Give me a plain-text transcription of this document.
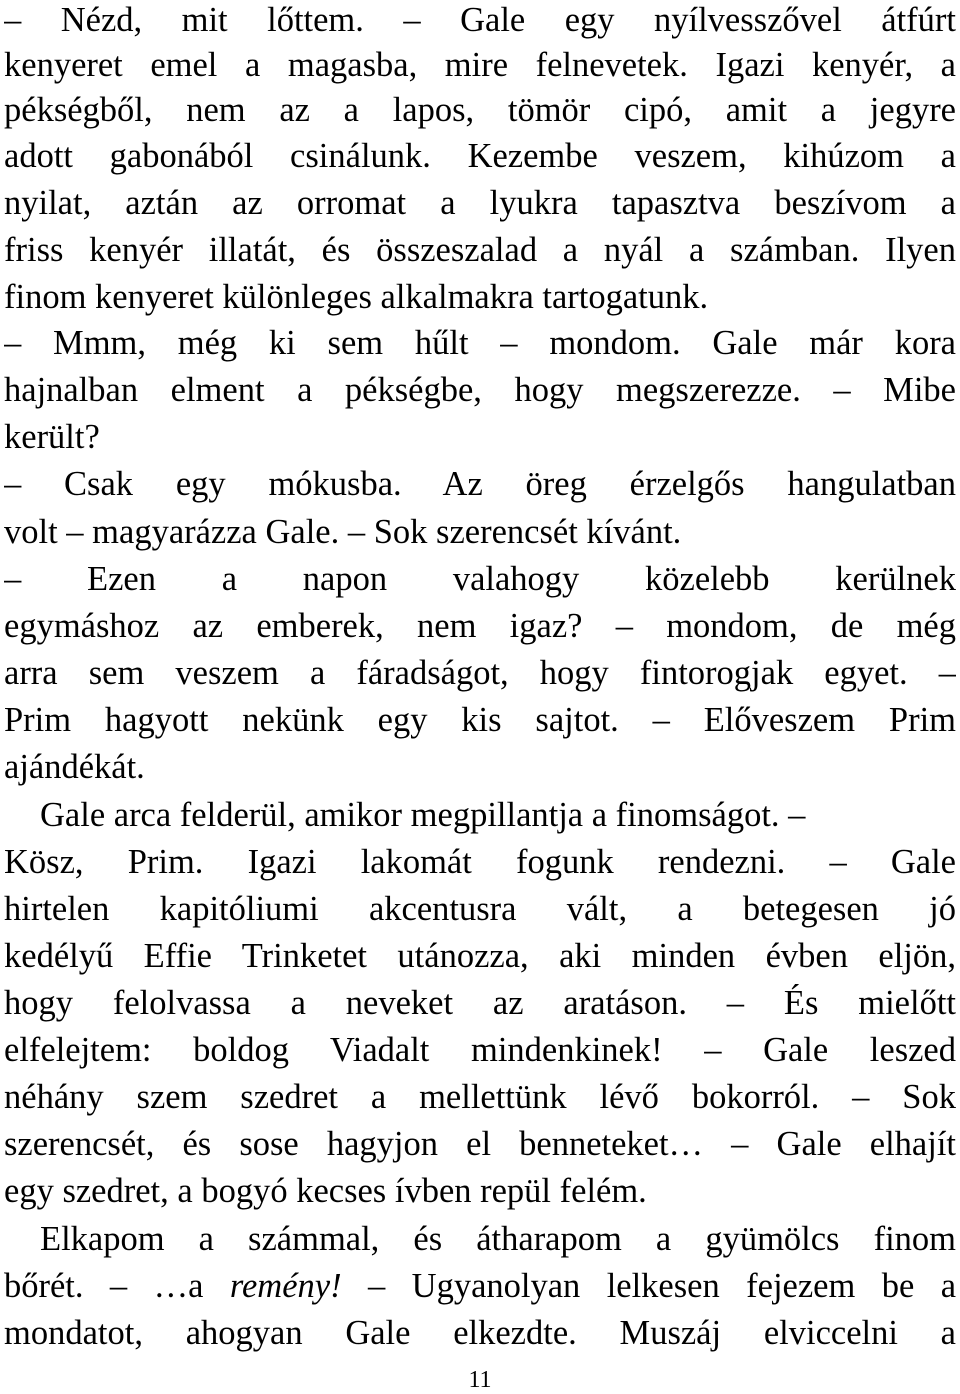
– Nézd, mit lőttem. – Gale egy nyílvesszővel átfúrt
kenyeret emel a magasba, mire felnevetek. Igazi kenyér, a
pékségből, nem az a lapos, tömör cipó, amit a jegyre
adott gabonából csinálunk. Kezembe veszem, kihúzom a
nyilat, aztán az orromat a lyukra tapasztva beszívom a
friss kenyér illatát, és összeszalad a nyál a számban. Ilyen
finom kenyeret különleges alkalmakra tartogatunk.
– Mmm, még ki sem hűlt – mondom. Gale már kora
hajnalban elment a pékségbe, hogy megszerezze. – Mibe
került?
– Csak egy mókusba. Az öreg érzelgős hangulatban
volt – magyarázza Gale. – Sok szerencsét kívánt.
– Ezen a napon valahogy közelebb kerülnek
egymáshoz az emberek, nem igaz? – mondom, de még
arra sem veszem a fáradságot, hogy fintorogjak egyet. –
Prim hagyott nekünk egy kis sajtot. – Előveszem Prim
ajándékát.
Gale arca felderül, amikor megpillantja a finomságot. –
Kösz, Prim. Igazi lakomát fogunk rendezni. – Gale
hirtelen kapitóliumi akcentusra vált, a betegesen jó
kedélyű Effie Trinketet utánozza, aki minden évben eljön,
hogy felolvassa a neveket az aratáson. – És mielőtt
elfelejtem: boldog Viadalt mindenkinek! – Gale leszed
néhány szem szedret a mellettünk lévő bokorról. – Sok
szerencsét, és sose hagyjon el benneteket… – Gale elhajít
egy szedret, a bogyó kecses ívben repül felém.
Elkapom a számmal, és átharapom a gyümölcs finom
bőrét. – …a remény! – Ugyanolyan lelkesen fejezem be a
mondatot, ahogyan Gale elkezdte. Muszáj elviccelni a
11
